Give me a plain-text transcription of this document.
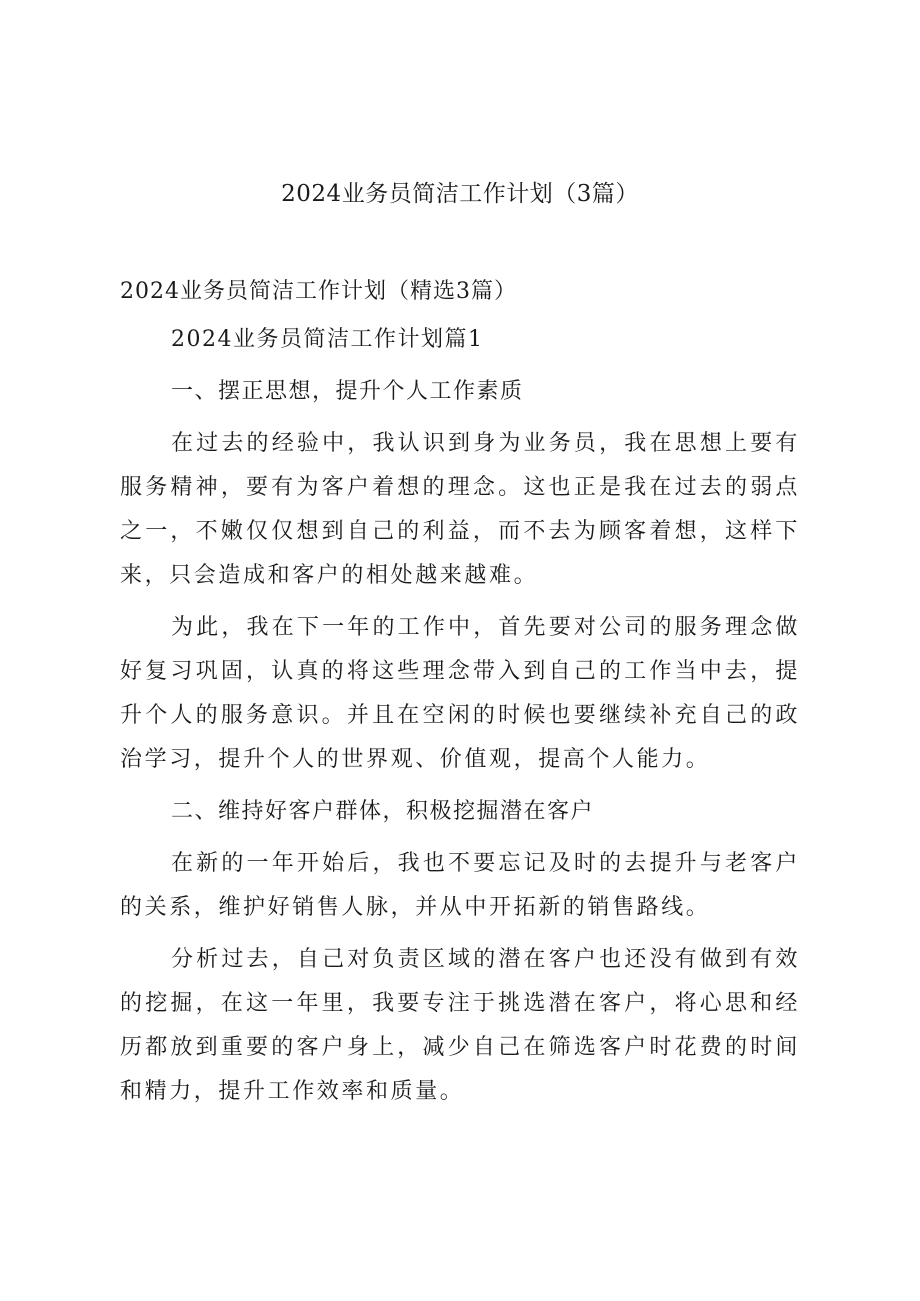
2024业务员简洁工作计划（3篇）

2024业务员简洁工作计划（精选3篇）

2024业务员简洁工作计划篇1

一、摆正思想，提升个人工作素质

在过去的经验中，我认识到身为业务员，我在思想上要有服务精神，要有为客户着想的理念。这也正是我在过去的弱点之一，不嫩仅仅想到自己的利益，而不去为顾客着想，这样下来，只会造成和客户的相处越来越难。

为此，我在下一年的工作中，首先要对公司的服务理念做好复习巩固，认真的将这些理念带入到自己的工作当中去，提升个人的服务意识。并且在空闲的时候也要继续补充自己的政治学习，提升个人的世界观、价值观，提高个人能力。

二、维持好客户群体，积极挖掘潜在客户

在新的一年开始后，我也不要忘记及时的去提升与老客户的关系，维护好销售人脉，并从中开拓新的销售路线。

分析过去，自己对负责区域的潜在客户也还没有做到有效的挖掘，在这一年里，我要专注于挑选潜在客户，将心思和经历都放到重要的客户身上，减少自己在筛选客户时花费的时间和精力，提升工作效率和质量。
